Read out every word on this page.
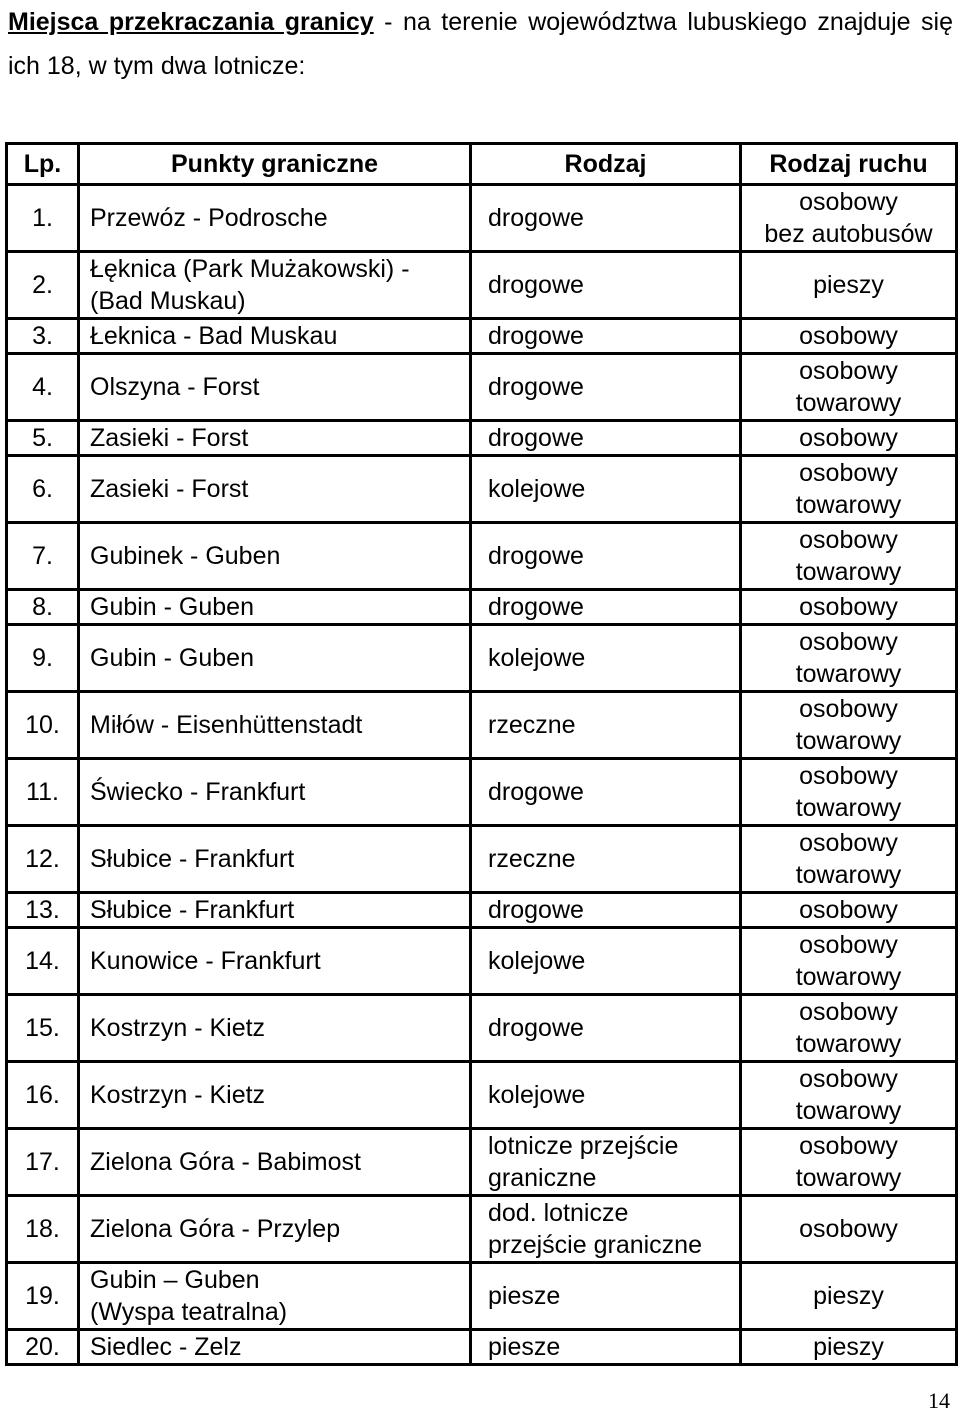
Miejsca przekraczania granicy - na terenie województwa lubuskiego znajduje się ich 18, w tym dwa lotnicze:
Lp.	Punkty graniczne	Rodzaj	Rodzaj ruchu
1.	Przewóz - Podrosche	drogowe	osobowy
bez autobusów

2.	Łęknica (Park Mużakowski) -
(Bad Muskau)	drogowe	pieszy

3.	Łeknica - Bad Muskau	drogowe	osobowy

4.	Olszyna - Forst	drogowe	osobowy
towarowy

5.	Zasieki - Forst	drogowe	osobowy

6.	Zasieki - Forst	kolejowe	osobowy
towarowy

7.	Gubinek - Guben	drogowe	osobowy
towarowy

8.	Gubin - Guben	drogowe	osobowy

9.	Gubin - Guben	kolejowe	osobowy
towarowy

10.	Miłów - Eisenhüttenstadt	rzeczne	osobowy
towarowy

11.	Świecko - Frankfurt	drogowe	osobowy
towarowy

12.	Słubice - Frankfurt	rzeczne	osobowy
towarowy

13.	Słubice - Frankfurt	drogowe	osobowy

14.	Kunowice - Frankfurt	kolejowe	osobowy
towarowy

15.	Kostrzyn - Kietz	drogowe	osobowy
towarowy

16.	Kostrzyn - Kietz	kolejowe	osobowy
towarowy

17.	Zielona Góra - Babimost	lotnicze przejście
graniczne	osobowy
towarowy

18.	Zielona Góra - Przylep	dod. lotnicze
przejście graniczne	osobowy

19.	Gubin – Guben
(Wyspa teatralna)	piesze	pieszy

20.	Siedlec - Zelz	piesze	pieszy
14
